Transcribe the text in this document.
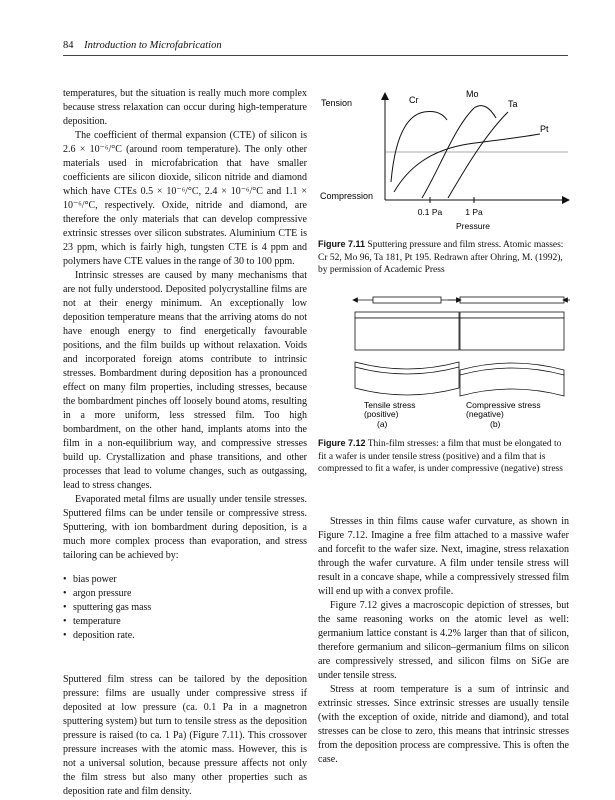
84 Introduction to Microfabrication

temperatures, but the situation is really much more complex because stress relaxation can occur during high-temperature deposition.

The coefficient of thermal expansion (CTE) of silicon is 2.6 × 10⁻⁶/°C (around room temperature). The only other materials used in microfabrication that have smaller coefficients are silicon dioxide, silicon nitride and diamond which have CTEs 0.5 × 10⁻⁶/°C, 2.4 × 10⁻⁶/°C and 1.1 × 10⁻⁶/°C, respectively. Oxide, nitride and diamond, are therefore the only materials that can develop compressive extrinsic stresses over silicon substrates. Aluminium CTE is 23 ppm, which is fairly high, tungsten CTE is 4 ppm and polymers have CTE values in the range of 30 to 100 ppm.

Intrinsic stresses are caused by many mechanisms that are not fully understood. Deposited polycrystalline films are not at their energy minimum. An exceptionally low deposition temperature means that the arriving atoms do not have enough energy to find energetically favourable positions, and the film builds up without relaxation. Voids and incorporated foreign atoms contribute to intrinsic stresses. Bombardment during deposition has a pronounced effect on many film properties, including stresses, because the bombardment pinches off loosely bound atoms, resulting in a more uniform, less stressed film. Too high bombardment, on the other hand, implants atoms into the film in a non-equilibrium way, and compressive stresses build up. Crystallization and phase transitions, and other processes that lead to volume changes, such as outgassing, lead to stress changes.

Evaporated metal films are usually under tensile stresses. Sputtered films can be under tensile or compressive stress. Sputtering, with ion bombardment during deposition, is a much more complex process than evaporation, and stress tailoring can be achieved by:

• bias power
• argon pressure
• sputtering gas mass
• temperature
• deposition rate.

Sputtered film stress can be tailored by the deposition pressure: films are usually under compressive stress if deposited at low pressure (ca. 0.1 Pa in a magnetron sputtering system) but turn to tensile stress as the deposition pressure is raised (to ca. 1 Pa) (Figure 7.11). This crossover pressure increases with the atomic mass. However, this is not a universal solution, because pressure affects not only the film stress but also many other properties such as deposition rate and film density.

Tension
Compression
Cr
Mo
Ta
Pt
0.1 Pa	1 Pa
Pressure
Figure 7.11 Sputtering pressure and film stress. Atomic masses: Cr 52, Mo 96, Ta 181, Pt 195. Redrawn after Ohring, M. (1992), by permission of Academic Press
Tensile stress
(positive)
(a)
Compressive stress
(negative)
(b)
Figure 7.12 Thin-film stresses: a film that must be elongated to fit a wafer is under tensile stress (positive) and a film that is compressed to fit a wafer, is under compressive (negative) stress

Stresses in thin films cause wafer curvature, as shown in Figure 7.12. Imagine a free film attached to a massive wafer and forcefit to the wafer size. Next, imagine, stress relaxation through the wafer curvature. A film under tensile stress will result in a concave shape, while a compressively stressed film will end up with a convex profile.

Figure 7.12 gives a macroscopic depiction of stresses, but the same reasoning works on the atomic level as well: germanium lattice constant is 4.2% larger than that of silicon, therefore germanium and silicon–germanium films on silicon are compressively stressed, and silicon films on SiGe are under tensile stress.

Stress at room temperature is a sum of intrinsic and extrinsic stresses. Since extrinsic stresses are usually tensile (with the exception of oxide, nitride and diamond), and total stresses can be close to zero, this means that intrinsic stresses from the deposition process are compressive. This is often the case.
